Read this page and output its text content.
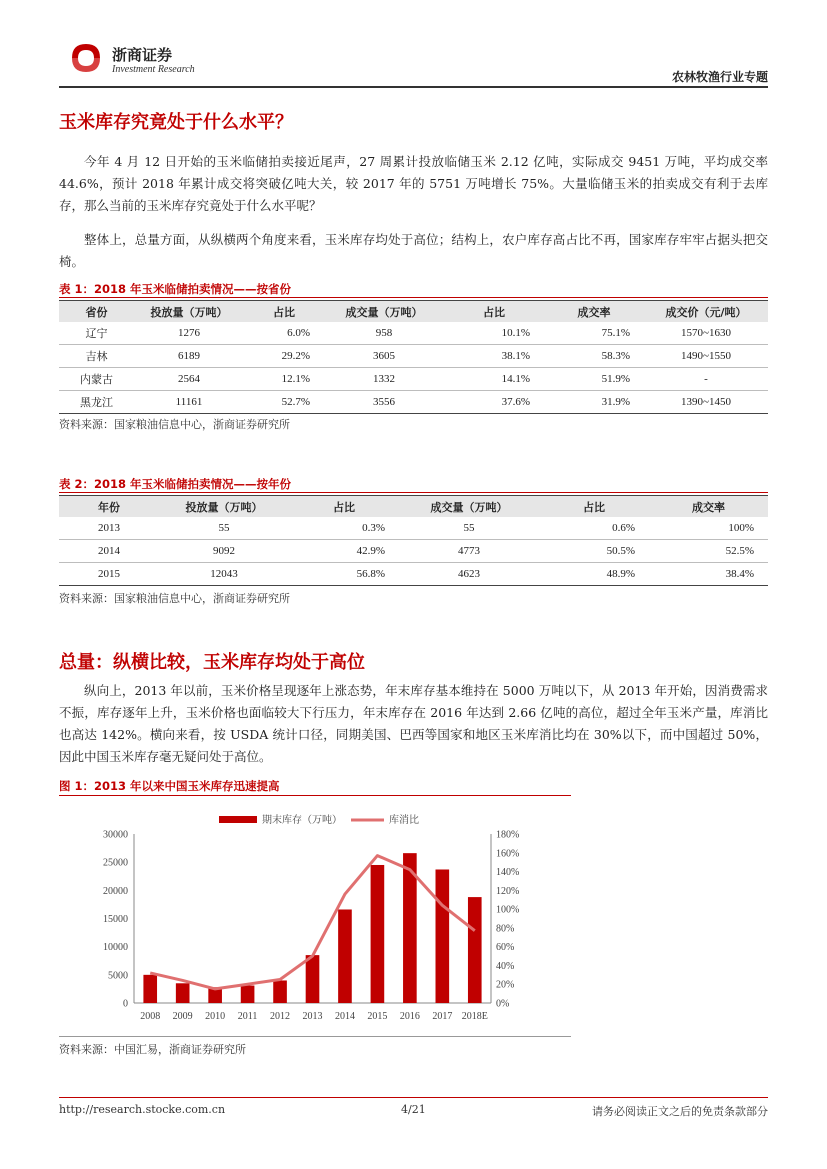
浙商证券
Investment Research
农林牧渔行业专题
玉米库存究竟处于什么水平？
今年 4 月 12 日开始的玉米临储拍卖接近尾声，27 周累计投放临储玉米 2.12 亿吨，实际成交 9451 万吨，平均成交率 44.6%，预计 2018 年累计成交将突破亿吨大关，较 2017 年的 5751 万吨增长 75%。大量临储玉米的拍卖成交有利于去库存，那么当前的玉米库存究竟处于什么水平呢？
整体上，总量方面，从纵横两个角度来看，玉米库存均处于高位；结构上，农户库存高占比不再，国家库存牢牢占据头把交椅。
表 1：2018 年玉米临储拍卖情况——按省份
省份	投放量（万吨）	占比	成交量（万吨）	占比	成交率	成交价（元/吨）
辽宁	1276	6.0%	958	10.1%	75.1%	1570~1630
吉林	6189	29.2%	3605	38.1%	58.3%	1490~1550
内蒙古	2564	12.1%	1332	14.1%	51.9%	-
黑龙江	11161	52.7%	3556	37.6%	31.9%	1390~1450
资料来源：国家粮油信息中心，浙商证券研究所
表 2：2018 年玉米临储拍卖情况——按年份
年份	投放量（万吨）	占比	成交量（万吨）	占比	成交率
2013	55	0.3%	55	0.6%	100%
2014	9092	42.9%	4773	50.5%	52.5%
2015	12043	56.8%	4623	48.9%	38.4%
资料来源：国家粮油信息中心，浙商证券研究所
总量：纵横比较，玉米库存均处于高位
纵向上，2013 年以前，玉米价格呈现逐年上涨态势，年末库存基本维持在 5000 万吨以下，从 2013 年开始，因消费需求不振，库存逐年上升，玉米价格也面临较大下行压力，年末库存在 2016 年达到 2.66 亿吨的高位，超过全年玉米产量，库消比也高达 142%。横向来看，按 USDA 统计口径，同期美国、巴西等国家和地区玉米库消比均在 30%以下，而中国超过 50%，因此中国玉米库存毫无疑问处于高位。
图 1：2013 年以来中国玉米库存迅速提高
0
5000
10000
15000
20000
25000
30000
0%
20%
40%
60%
80%
100%
120%
140%
160%
180%
2008 2009 2010 2011 2012 2013 2014 2015 2016 2017 2018E
期末库存（万吨）	库消比
资料来源：中国汇易，浙商证券研究所
http://research.stocke.com.cn	4/21	请务必阅读正文之后的免责条款部分
